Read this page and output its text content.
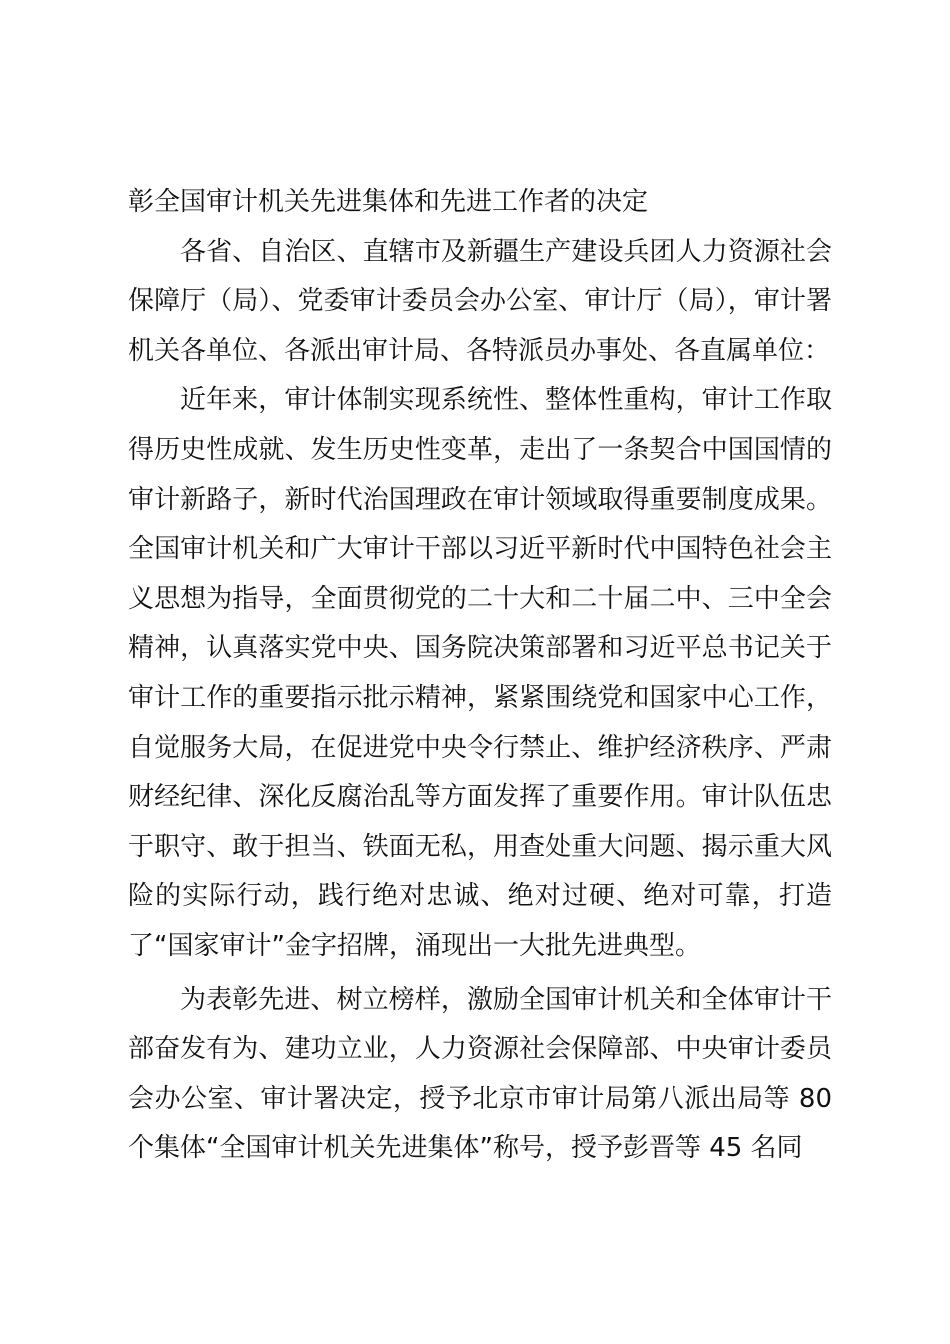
彰全国审计机关先进集体和先进工作者的决定

各省、自治区、直辖市及新疆生产建设兵团人力资源社会保障厅（局）、党委审计委员会办公室、审计厅（局），审计署机关各单位、各派出审计局、各特派员办事处、各直属单位：

近年来，审计体制实现系统性、整体性重构，审计工作取得历史性成就、发生历史性变革，走出了一条契合中国国情的审计新路子，新时代治国理政在审计领域取得重要制度成果。全国审计机关和广大审计干部以习近平新时代中国特色社会主义思想为指导，全面贯彻党的二十大和二十届二中、三中全会精神，认真落实党中央、国务院决策部署和习近平总书记关于审计工作的重要指示批示精神，紧紧围绕党和国家中心工作，自觉服务大局，在促进党中央令行禁止、维护经济秩序、严肃财经纪律、深化反腐治乱等方面发挥了重要作用。审计队伍忠于职守、敢于担当、铁面无私，用查处重大问题、揭示重大风险的实际行动，践行绝对忠诚、绝对过硬、绝对可靠，打造了“国家审计”金字招牌，涌现出一大批先进典型。

为表彰先进、树立榜样，激励全国审计机关和全体审计干部奋发有为、建功立业，人力资源社会保障部、中央审计委员会办公室、审计署决定，授予北京市审计局第八派出局等 80 个集体“全国审计机关先进集体”称号，授予彭晋等 45 名同
